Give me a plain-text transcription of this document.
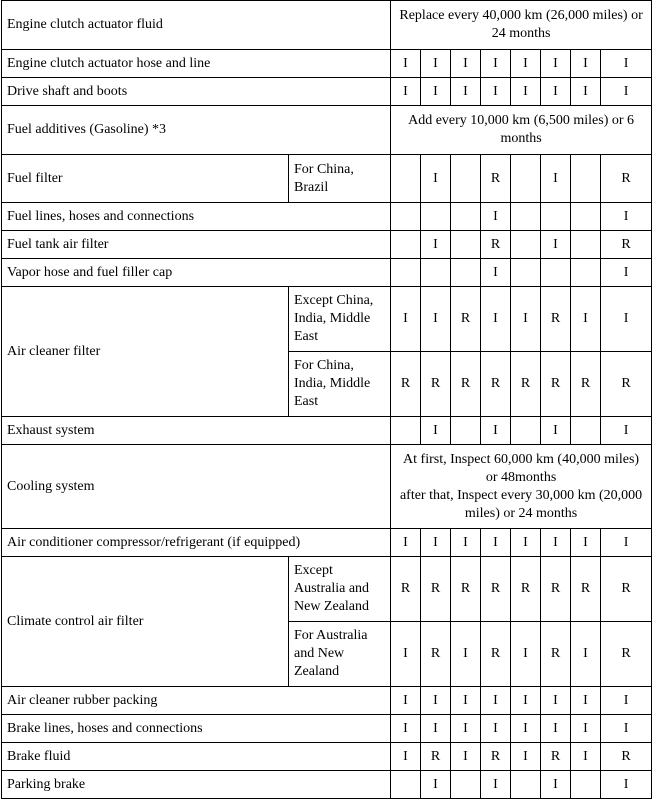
Engine clutch actuator fluid		Replace every 40,000 km (26,000 miles) or 24 months							
Engine clutch actuator hose and line		I	I	I	I	I	I	I	I
Drive shaft and boots		I	I	I	I	I	I	I	I
Fuel additives (Gasoline) *3		Add every 10,000 km (6,500 miles) or 6 months							
Fuel filter	For China, Brazil		I		R		I		R
Fuel lines, hoses and connections					I				I
Fuel tank air filter			I		R		I		R
Vapor hose and fuel filler cap					I				I
Air cleaner filter	Except China, India, Middle East	I	I	R	I	I	R	I	I
	For China, India, Middle East	R	R	R	R	R	R	R	R
Exhaust system			I		I		I		I
Cooling system		At first, Inspect 60,000 km (40,000 miles) or 48months
after that, Inspect every 30,000 km (20,000 miles) or 24 months							

Air conditioner compressor/refrigerant (if equipped)		I	I	I	I	I	I	I	I
Climate control air filter	Except Australia and New Zealand	R	R	R	R	R	R	R	R
	For Australia and New Zealand	I	R	I	R	I	R	I	R
Air cleaner rubber packing		I	I	I	I	I	I	I	I
Brake lines, hoses and connections		I	I	I	I	I	I	I	I
Brake fluid		I	R	I	R	I	R	I	R
Parking brake			I		I		I		I
